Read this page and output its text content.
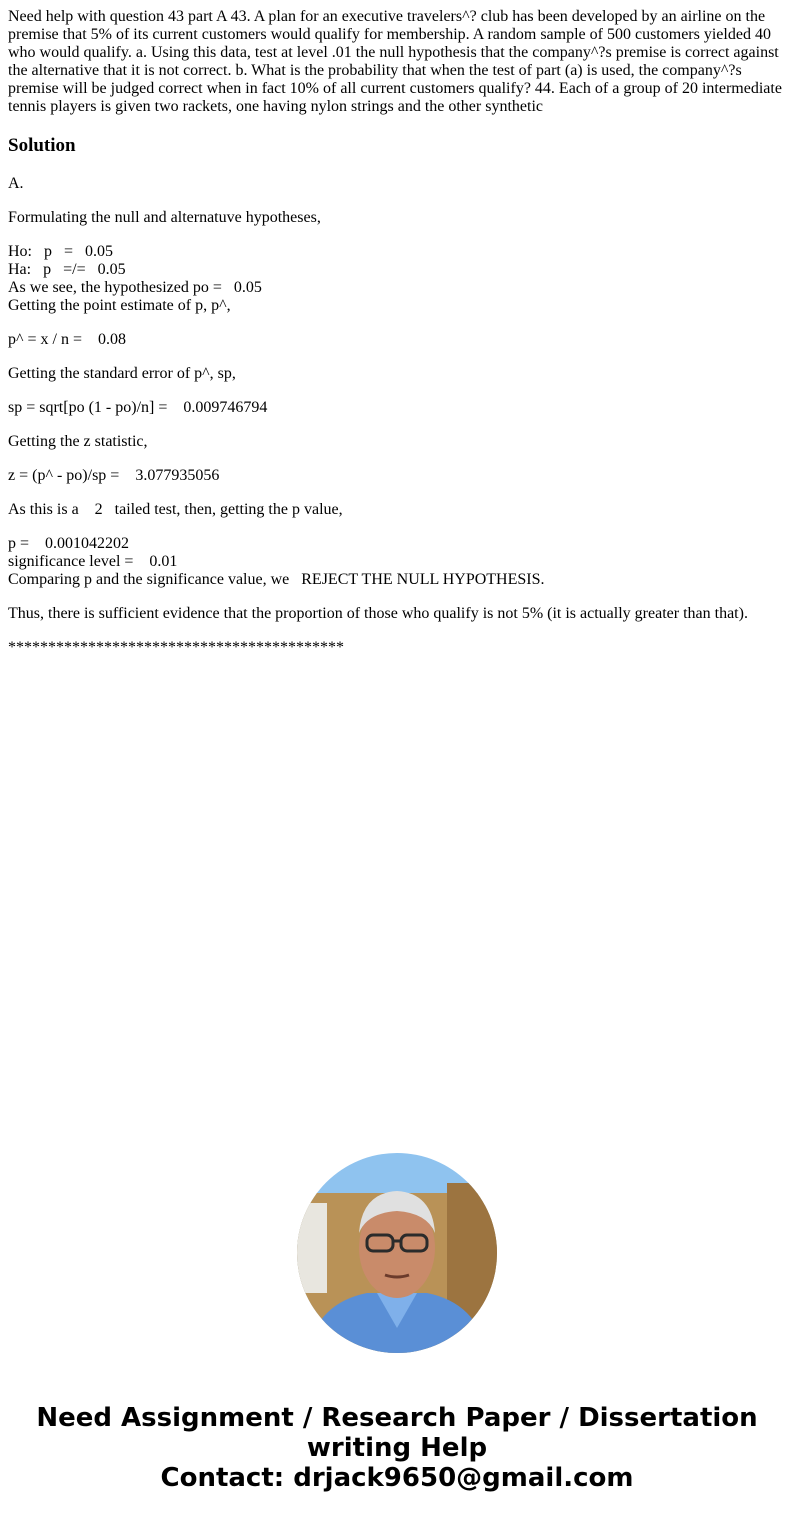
Need help with question 43 part A 43. A plan for an executive travelers^? club has been developed by an airline on the premise that 5% of its current customers would qualify for membership. A random sample of 500 customers yielded 40 who would qualify. a. Using this data, test at level .01 the null hypothesis that the company^?s premise is correct against the alternative that it is not correct. b. What is the probability that when the test of part (a) is used, the company^?s premise will be judged correct when in fact 10% of all current customers qualify? 44. Each of a group of 20 intermediate tennis players is given two rackets, one having nylon strings and the other synthetic

Solution

A.

Formulating the null and alternatuve hypotheses,

Ho:   p   =   0.05
Ha:   p   =/=   0.05
As we see, the hypothesized po =   0.05
Getting the point estimate of p, p^,

p^ = x / n =    0.08

Getting the standard error of p^, sp,

sp = sqrt[po (1 - po)/n] =    0.009746794

Getting the z statistic,

z = (p^ - po)/sp =    3.077935056

As this is a    2   tailed test, then, getting the p value,

p =    0.001042202
significance level =    0.01
Comparing p and the significance value, we   REJECT THE NULL HYPOTHESIS.

Thus, there is sufficient evidence that the proportion of those who qualify is not 5% (it is actually greater than that).

******************************************

Need Assignment / Research Paper / Dissertation
writing Help
Contact: drjack9650@gmail.com
